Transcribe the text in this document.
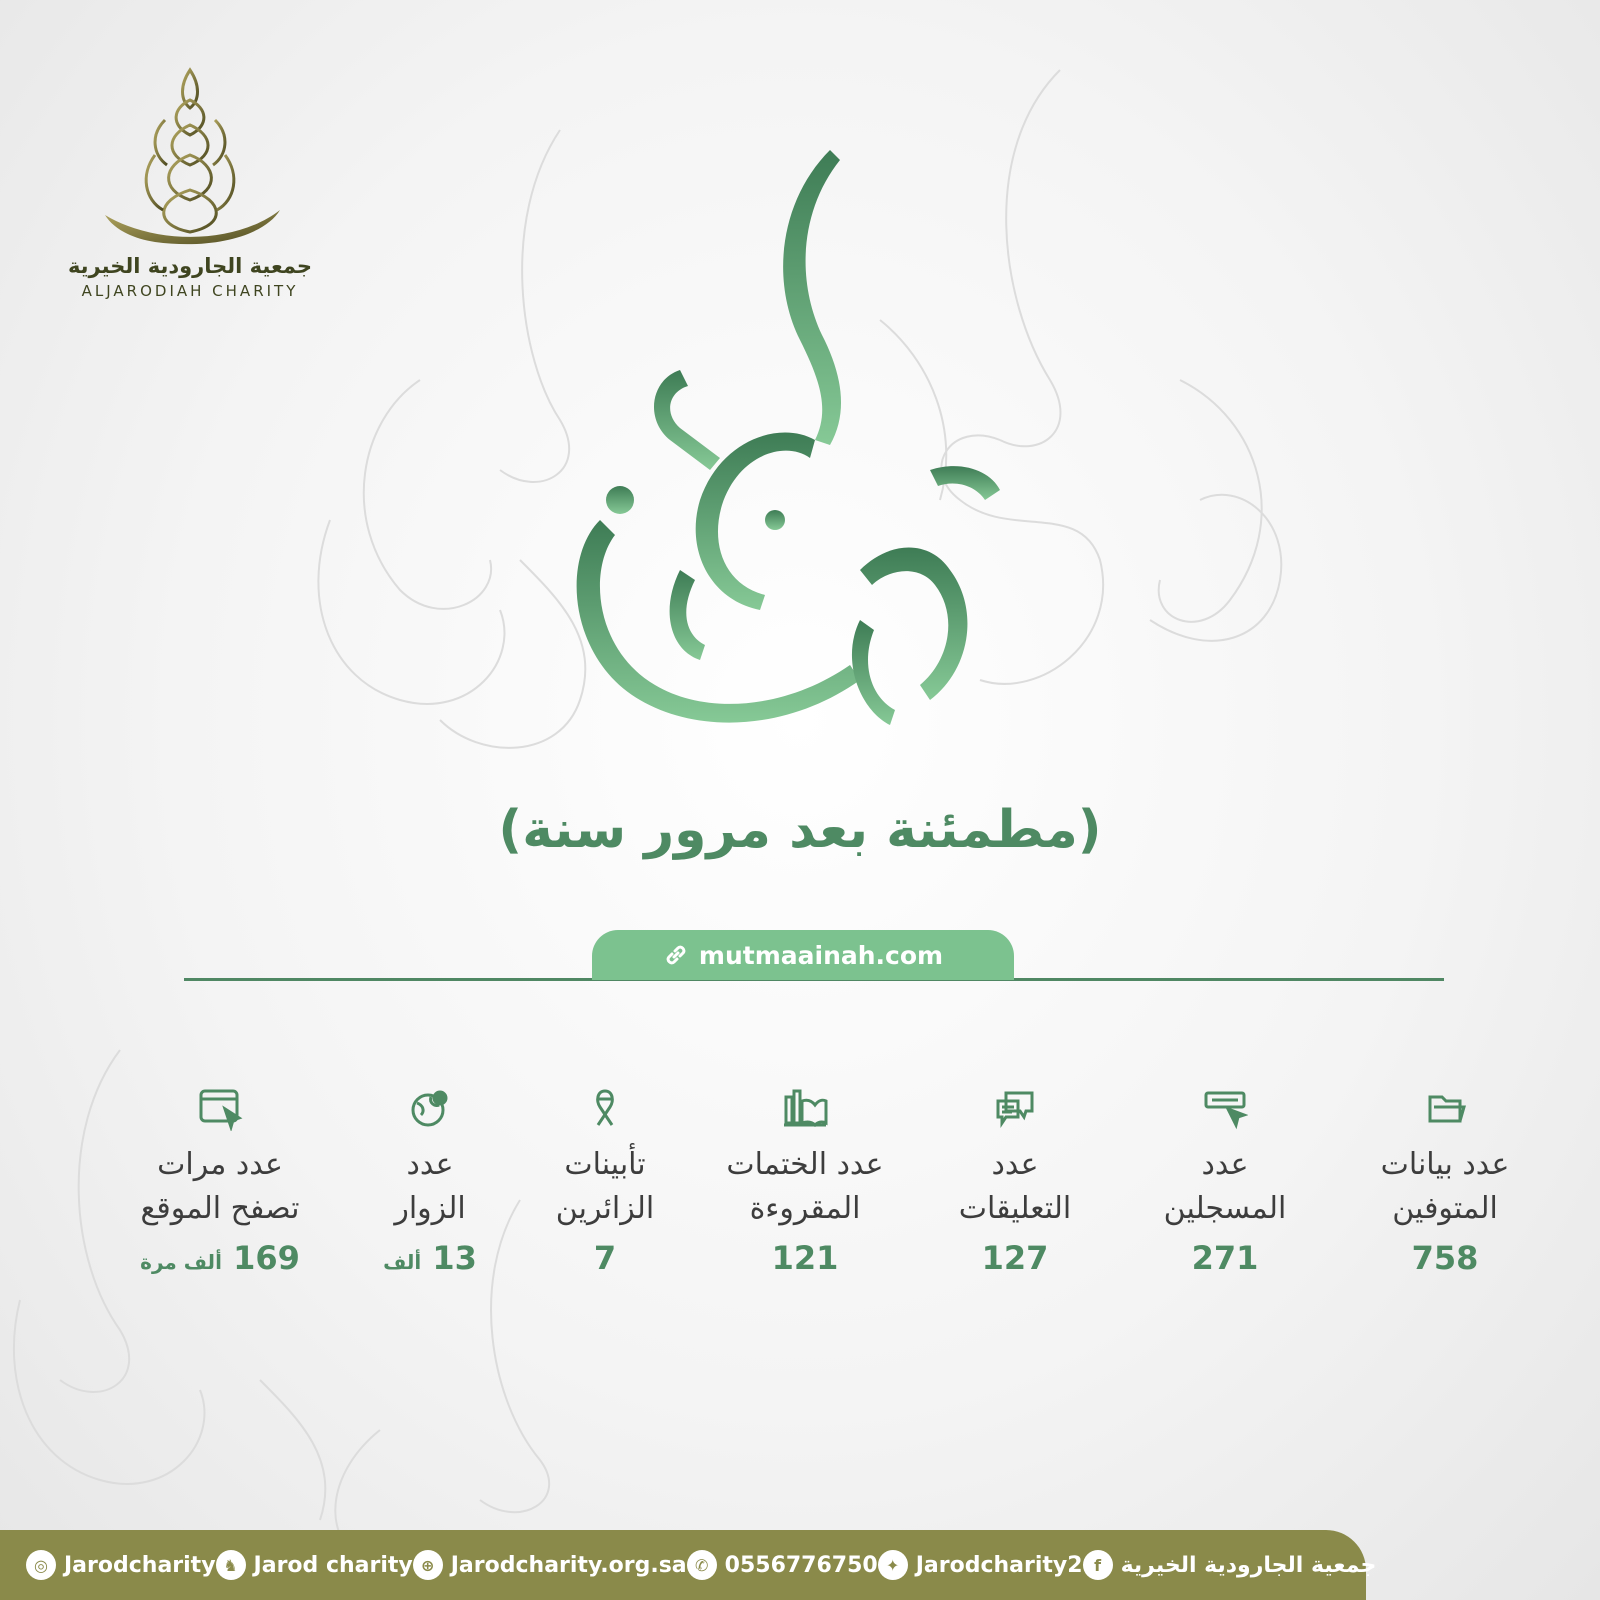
جمعية الجارودية الخيرية
ALJARODIAH CHARITY
(مطمئنة بعد مرور سنة)
mutmaainah.com
عدد بيانات
المتوفين
758
عدد
المسجلين
271
عدد
التعليقات
127
عدد الختمات
المقروءة
121
تأبينات
الزائرين
7
عدد
الزوار
13 ألف
عدد مرات
تصفح الموقع
169 ألف مرة
◎ Jarodcharity ♞ Jarod charity ⊕ Jarodcharity.org.sa ✆ 0556776750 ✦ Jarodcharity2 f جمعية الجارودية الخيرية
